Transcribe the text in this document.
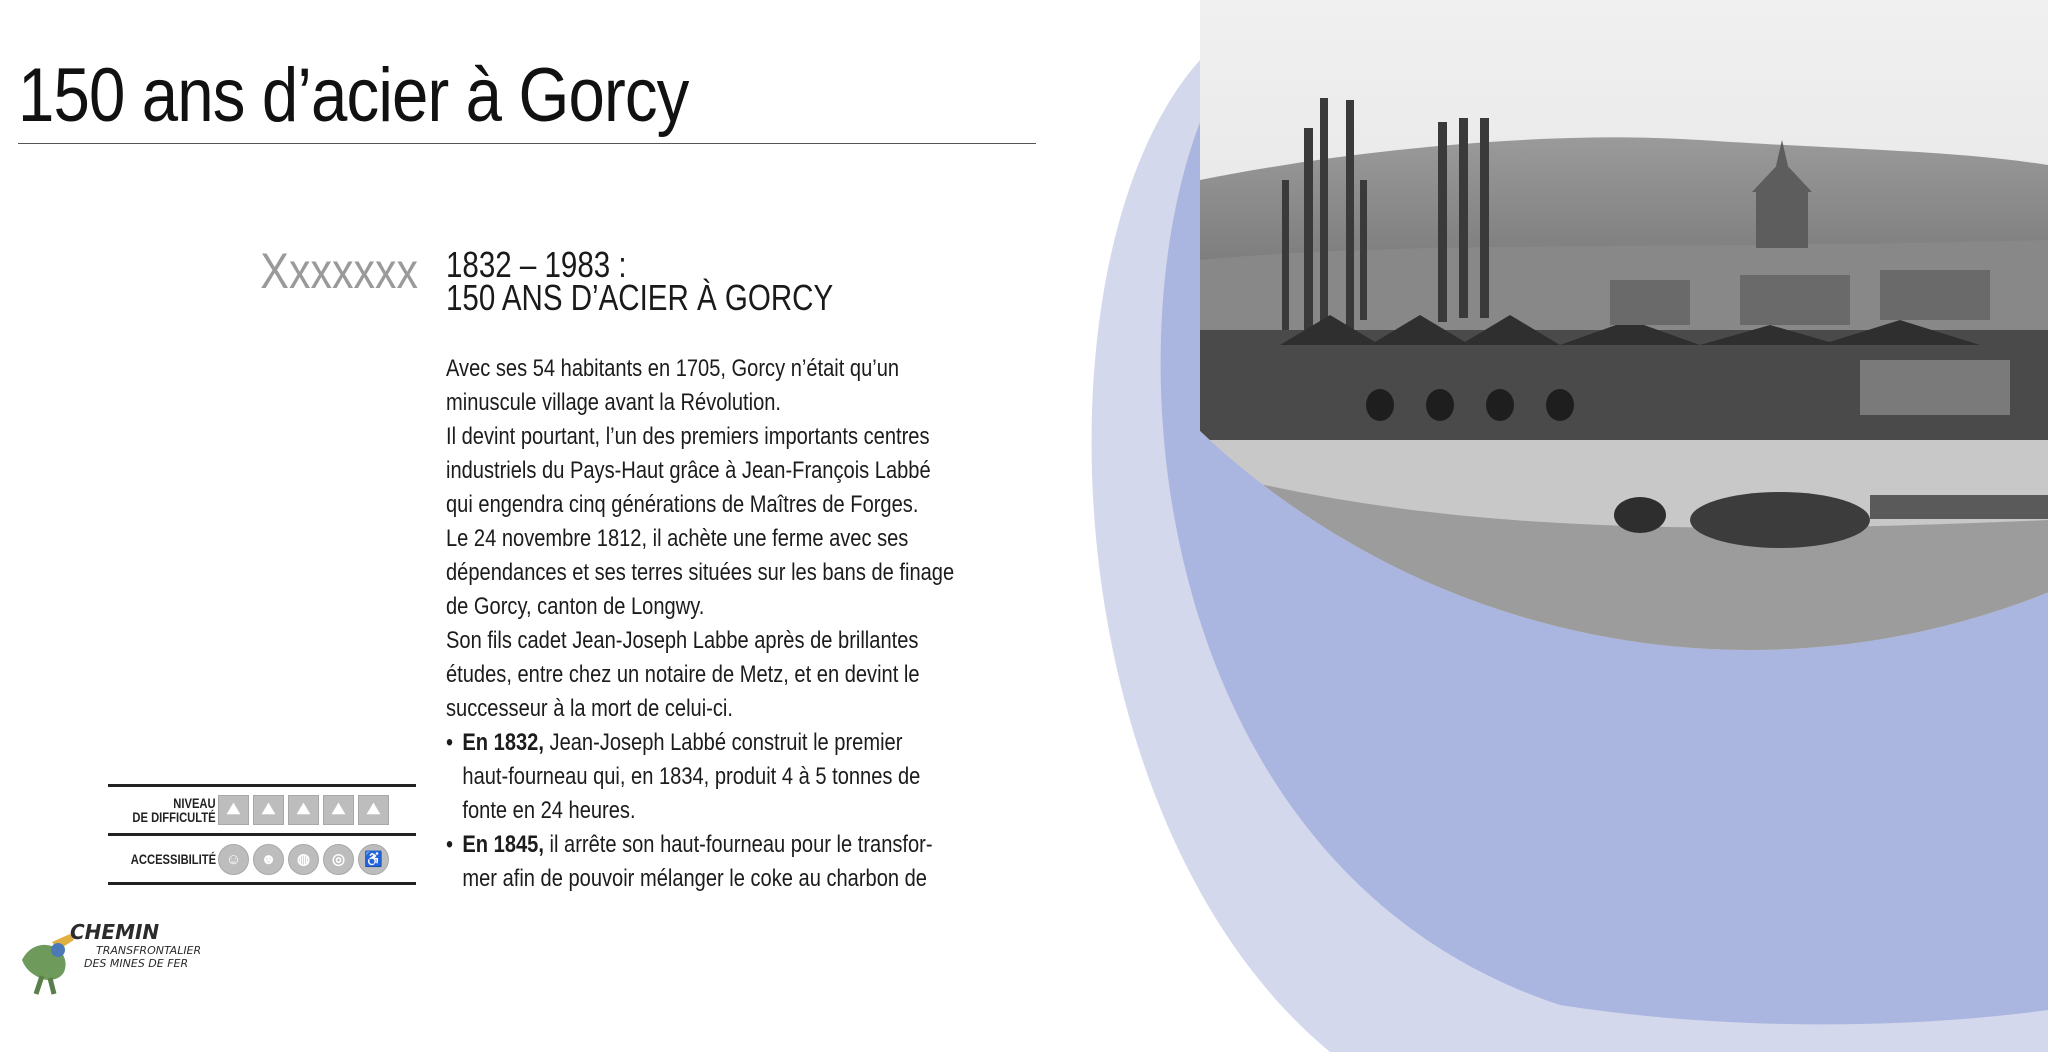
150 ans d’acier à Gorcy
Xxxxxxx 1832 – 1983 :
150 ANS D’ACIER À GORCY

Avec ses 54 habitants en 1705, Gorcy n’était qu’un

minuscule village avant la Révolution.

Il devint pourtant, l’un des premiers importants centres

industriels du Pays-Haut grâce à Jean-François Labbé

qui engendra cinq générations de Maîtres de Forges.

Le 24 novembre 1812, il achète une ferme avec ses

dépendances et ses terres situées sur les bans de finage

de Gorcy, canton de Longwy.

Son fils cadet Jean-Joseph Labbe après de brillantes

études, entre chez un notaire de Metz, et en devint le

successeur à la mort de celui-ci.

• En 1832, Jean-Joseph Labbé construit le premier
haut-fourneau qui, en 1834, produit 4 à 5 tonnes de
fonte en 24 heures.
• En 1845, il arrête son haut-fourneau pour le transfor-
mer afin de pouvoir mélanger le coke au charbon de
NIVEAU
DE DIFFICULTÉ ⛰	⛰	⛰	⛰	⛰
ACCESSIBILITÉ ☺	☻	◍	◎	♿
CHEMIN
TRANSFRONTALIER
DES MINES DE FER
